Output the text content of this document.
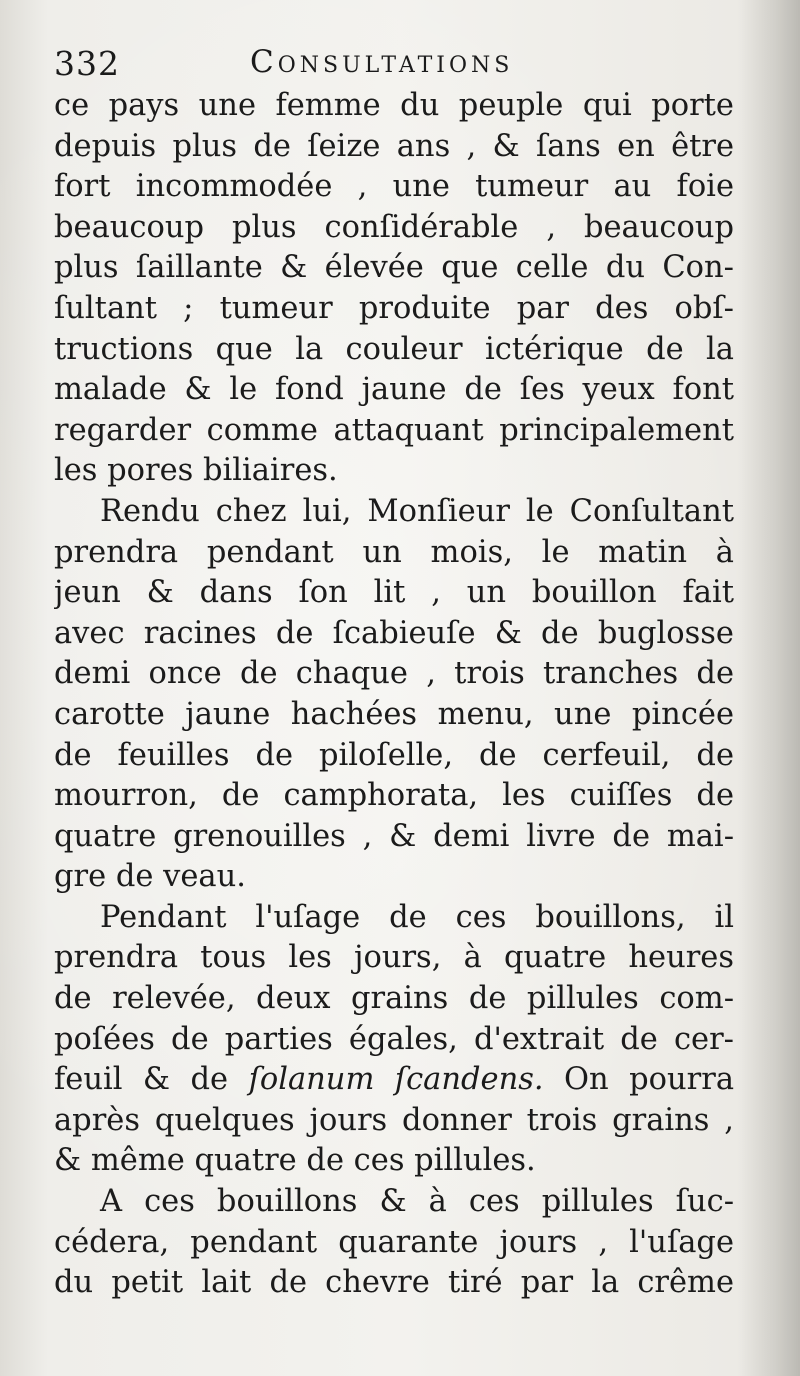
332	Consultations
ce pays une femme du peuple qui porte
depuis plus de ſeize ans , & ſans en être
fort incommodée , une tumeur au foie
beaucoup plus conſidérable , beaucoup
plus ſaillante & élevée que celle du Con-
ſultant ; tumeur produite par des obſ-
tructions que la couleur ictérique de la
malade & le fond jaune de ſes yeux font
regarder comme attaquant principalement
les pores biliaires.
Rendu chez lui, Monſieur le Conſultant
prendra pendant un mois, le matin à
jeun & dans ſon lit , un bouillon fait
avec racines de ſcabieuſe & de buglosse
demi once de chaque , trois tranches de
carotte jaune hachées menu, une pincée
de feuilles de piloſelle, de cerfeuil, de
mourron, de camphorata, les cuiſſes de
quatre grenouilles , & demi livre de mai-
gre de veau.
Pendant l'uſage de ces bouillons, il
prendra tous les jours, à quatre heures
de relevée, deux grains de pillules com-
poſées de parties égales, d'extrait de cer-
feuil & de ſolanum ſcandens. On pourra
après quelques jours donner trois grains ,
& même quatre de ces pillules.
A ces bouillons & à ces pillules ſuc-
cédera, pendant quarante jours , l'uſage
du petit lait de chevre tiré par la crême
